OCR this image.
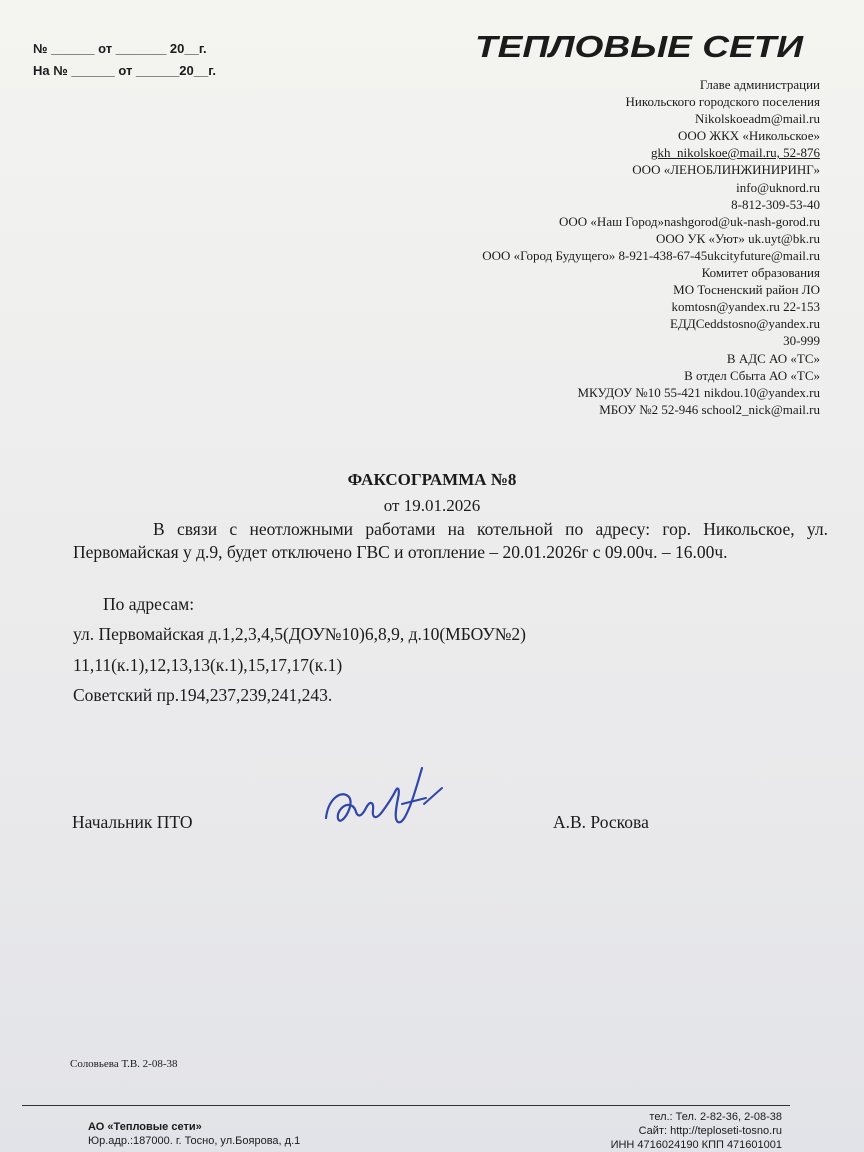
№ ______ от _______ 20__г.
На № ______ от ______20__г.
ТЕПЛОВЫЕ СЕТИ
Главе администрации
Никольского городского поселения
Nikolskoeadm@mail.ru
ООО ЖКХ «Никольское»
gkh_nikolskoe@mail.ru, 52-876
ООО «ЛЕНОБЛИНЖИНИРИНГ»
info@uknord.ru
8-812-309-53-40
ООО «Наш Город»nashgorod@uk-nash-gorod.ru
ООО УК «Уют» uk.uyt@bk.ru
ООО «Город Будущего» 8-921-438-67-45ukcityfuture@mail.ru
Комитет образования
МО Тосненский район ЛО
komtosn@yandex.ru 22-153
ЕДДСeddstosno@yandex.ru
30-999
В АДС АО «ТС»
В отдел Сбыта АО «ТС»
МКУДОУ №10 55-421 nikdou.10@yandex.ru
МБОУ №2 52-946 school2_nick@mail.ru
ФАКСОГРАММА №8
от 19.01.2026

В связи с неотложными работами на котельной по адресу: гор. Никольское, ул. Первомайская у д.9, будет отключено ГВС и отопление – 20.01.2026г с 09.00ч. – 16.00ч.

По адресам:
ул. Первомайская д.1,2,3,4,5(ДОУ№10)6,8,9, д.10(МБОУ№2)
11,11(к.1),12,13,13(к.1),15,17,17(к.1)
Советский пр.194,237,239,241,243.
Начальник ПТО	А.В. Роскова
Соловьева Т.В. 2-08-38
АО «Тепловые сети»
Юр.адр.:187000. г. Тосно, ул.Боярова, д.1
тел.: Тел. 2-82-36, 2-08-38
Сайт: http://teploseti-tosno.ru
ИНН 4716024190 КПП 471601001
